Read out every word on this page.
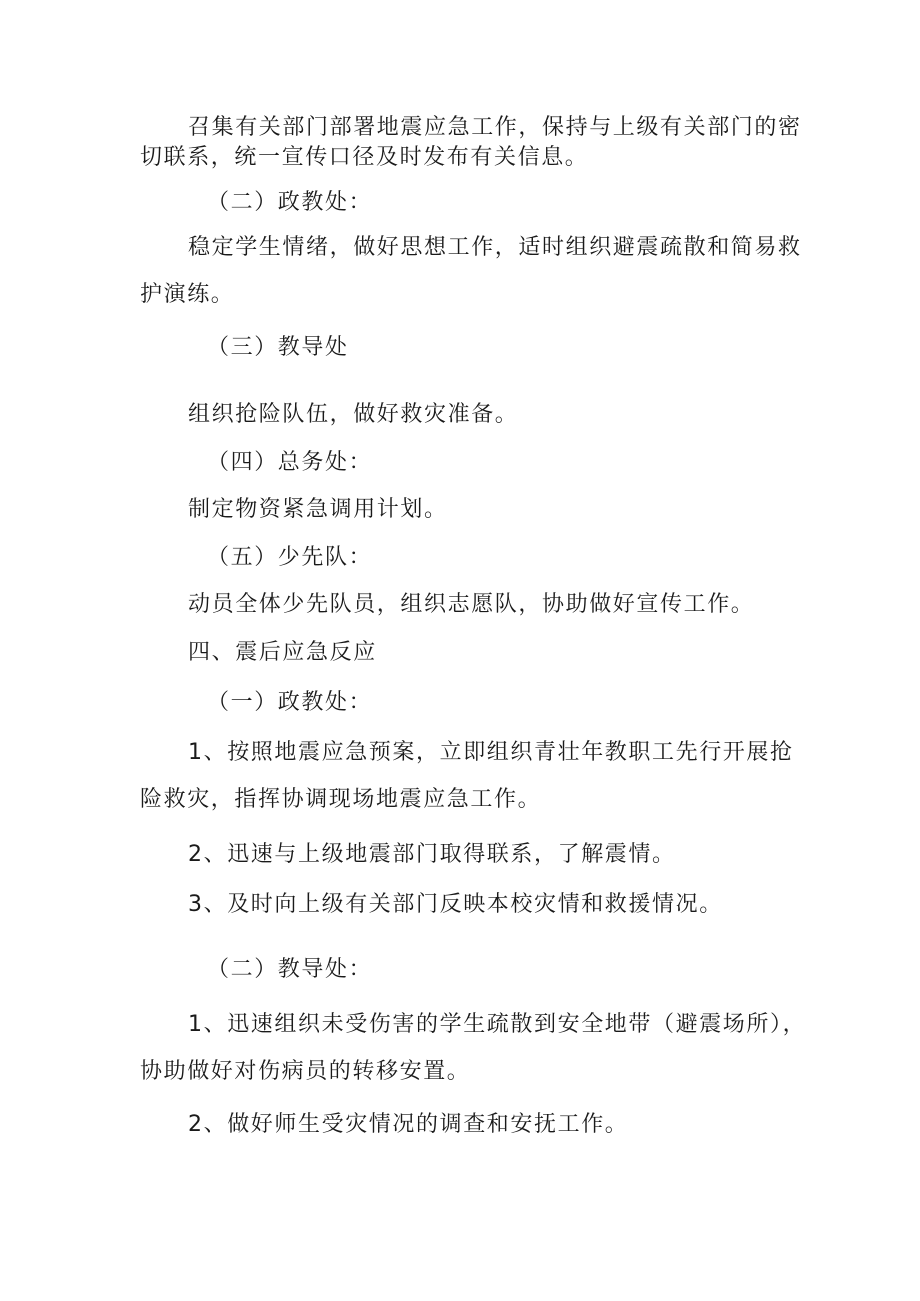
召集有关部门部署地震应急工作，保持与上级有关部门的密
切联系，统一宣传口径及时发布有关信息。
（二）政教处：
稳定学生情绪，做好思想工作，适时组织避震疏散和简易救
护演练。
（三）教导处
组织抢险队伍，做好救灾准备。
（四）总务处：
制定物资紧急调用计划。
（五）少先队：
动员全体少先队员，组织志愿队，协助做好宣传工作。
四、震后应急反应
（一）政教处：
1、按照地震应急预案，立即组织青壮年教职工先行开展抢
险救灾，指挥协调现场地震应急工作。
2、迅速与上级地震部门取得联系，了解震情。
3、及时向上级有关部门反映本校灾情和救援情况。
（二）教导处：
1、迅速组织未受伤害的学生疏散到安全地带（避震场所），
协助做好对伤病员的转移安置。
2、做好师生受灾情况的调查和安抚工作。
